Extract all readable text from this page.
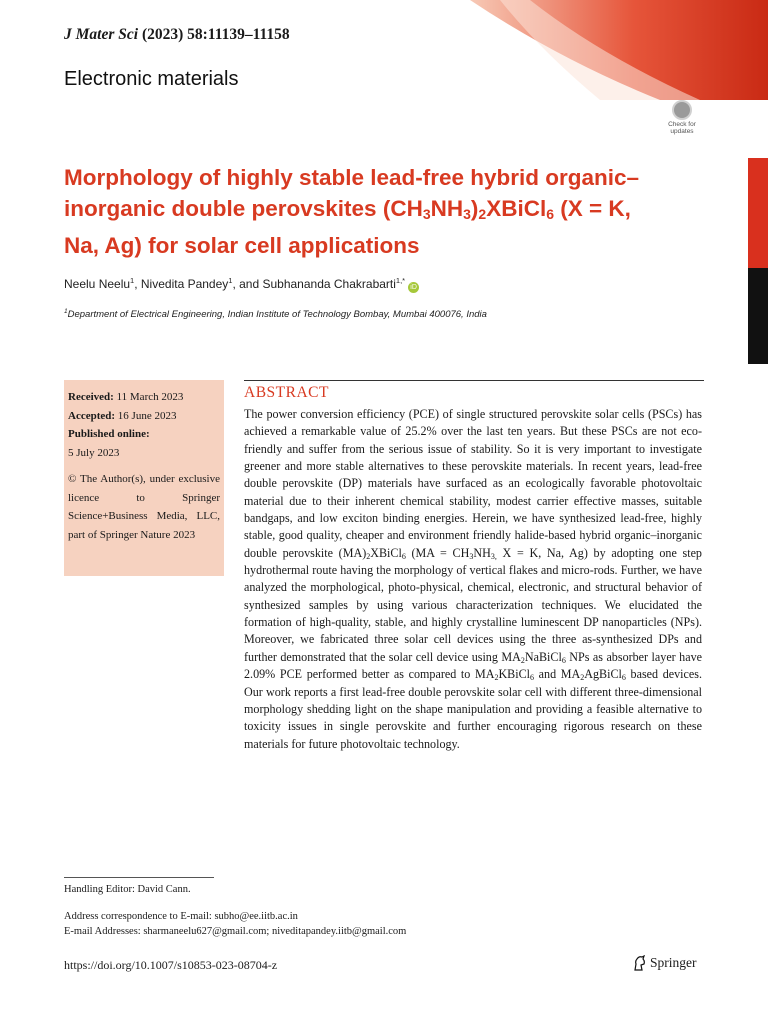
J Mater Sci (2023) 58:11139–11158
Electronic materials
Check for updates
Morphology of highly stable lead-free hybrid organic–
inorganic double perovskites $(CH_3NH_3)_2XBiCl_6$ (X = K,
Na, Ag) for solar cell applications
Neelu Neelu$^1$, Nivedita Pandey$^1$, and Subhananda Chakrabarti$^{1,*}$iD
$^1$Department of Electrical Engineering, Indian Institute of Technology Bombay, Mumbai 400076, India
Received: 11 March 2023
Accepted: 16 June 2023
Published online:
5 July 2023
© The Author(s), under exclusive licence to Springer Science+Business Media, LLC, part of Springer Nature 2023
ABSTRACT
The power conversion efficiency (PCE) of single structured perovskite solar cells (PSCs) has achieved a remarkable value of 25.2% over the last ten years. But these PSCs are not eco-friendly and suffer from the serious issue of stability. So it is very important to investigate greener and more stable alternatives to these perovskite materials. In recent years, lead-free double perovskite (DP) materials have surfaced as an ecologically favorable photovoltaic material due to their inherent chemical stability, modest carrier effective masses, suitable bandgaps, and low exciton binding energies. Herein, we have synthesized lead-free, highly stable, good quality, cheaper and environment friendly halide-based hybrid organic–inorganic double perovskite $(MA)_2XBiCl_6$ ($MA = CH_3NH_{3,}$ X = K, Na, Ag) by adopting one step hydrothermal route having the morphology of vertical flakes and micro-rods. Further, we have analyzed the morphological, photo-physical, chemical, electronic, and structural behavior of synthesized samples by using various characterization techniques. We elucidated the formation of high-quality, stable, and highly crystalline luminescent DP nanoparticles (NPs). Moreover, we fabricated three solar cell devices using the three as-synthesized DPs and further demonstrated that the solar cell device using $MA_2NaBiCl_6$ NPs as absorber layer have 2.09% PCE performed better as compared to $MA_2KBiCl_6$ and $MA_2AgBiCl_6$ based devices. Our work reports a first lead-free double perovskite solar cell with different three-dimensional morphology shedding light on the shape manipulation and providing a feasible alternative to toxicity issues in single perovskite and further encouraging rigorous research on these materials for future photovoltaic technology.
Handling Editor: David Cann.
Address correspondence to E-mail: subho@ee.iitb.ac.in
E-mail Addresses: sharmaneelu627@gmail.com; niveditapandey.iitb@gmail.com
https://doi.org/10.1007/s10853-023-08704-z	Springer
